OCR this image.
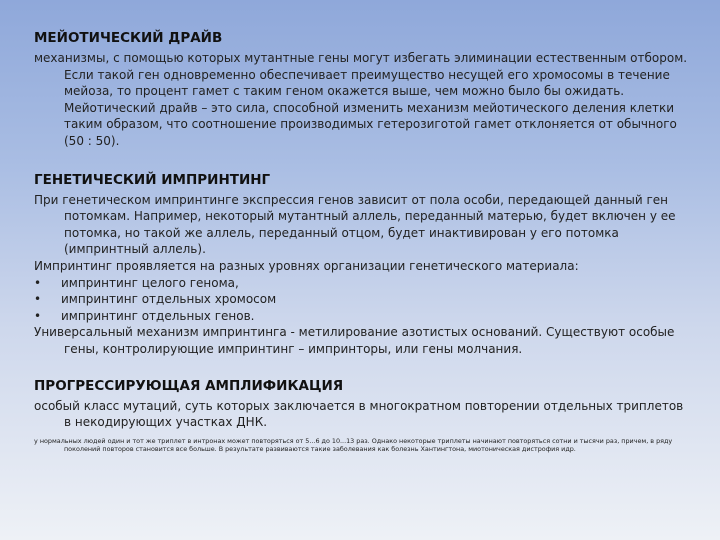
МЕЙОТИЧЕСКИЙ ДРАЙВ

механизмы, с помощью которых мутантные гены могут избегать элиминации естественным отбором. Если такой ген одновременно обеспечивает преимущество несущей его хромосомы в течение мейоза, то процент гамет с таким геном окажется выше, чем можно было бы ожидать. Мейотический драйв – это сила, способной изменить механизм мейотического деления клетки таким образом, что соотношение производимых гетерозиготой гамет отклоняется от обычного (50 : 50).

ГЕНЕТИЧЕСКИЙ ИМПРИНТИНГ

При генетическом импринтинге экспрессия генов зависит от пола особи, передающей данный ген потомкам. Например, некоторый мутантный аллель, переданный матерью, будет включен у ее потомка, но такой же аллель, переданный отцом, будет инактивирован у его потомка (импринтный аллель).

Импринтинг проявляется на разных уровнях организации генетического материала:

•	импринтинг целого генома,
•	импринтинг отдельных хромосом
•	импринтинг отдельных генов.

Универсальный механизм импринтинга - метилирование азотистых оснований. Существуют особые гены, контролирующие импринтинг – импринторы, или гены молчания.

ПРОГРЕССИРУЮЩАЯ АМПЛИФИКАЦИЯ

особый класс мутаций, суть которых заключается в многократном повторении отдельных триплетов в некодирующих участках ДНК.

у нормальных людей один и тот же триплет в интронах может повторяться от 5...6 до 10...13 раз. Однако некоторые триплеты начинают повторяться сотни и тысячи раз, причем, в ряду поколений повторов становится все больше. В результате развиваются такие заболевания как болезнь Хантингтона, миотоническая дистрофия идр.
